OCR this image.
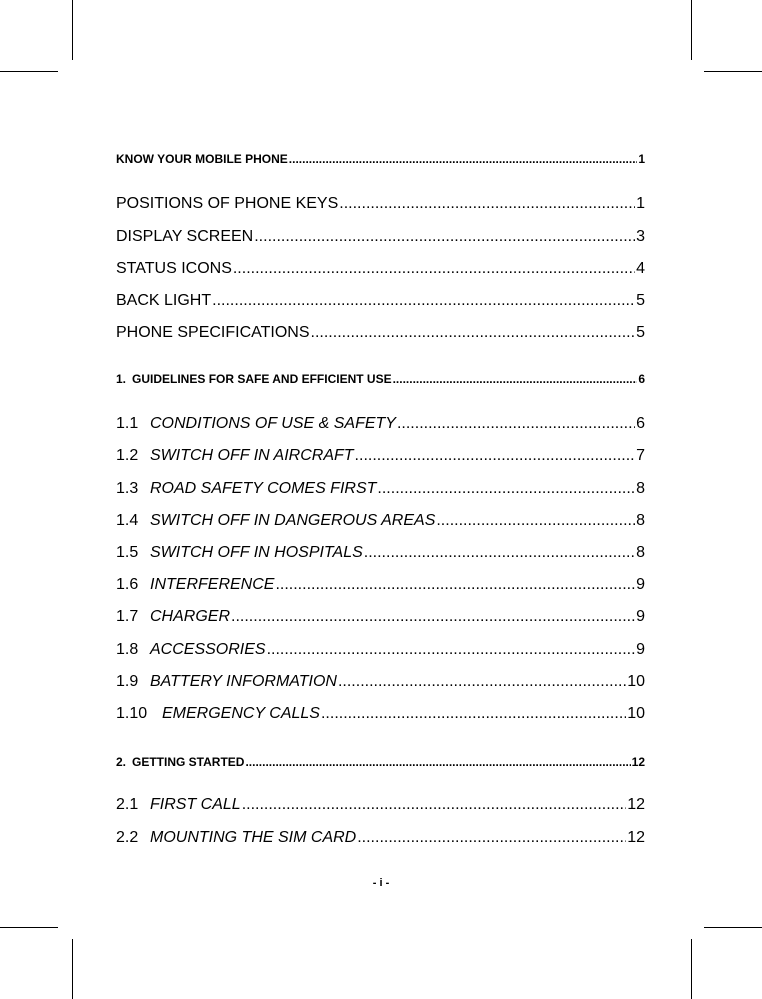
KNOW YOUR MOBILE PHONE .....	1
POSITIONS OF PHONE KEYS .....	1
DISPLAY SCREEN .....	3
STATUS ICONS .....	4
BACK LIGHT .....	5
PHONE SPECIFICATIONS .....	5
1. GUIDELINES FOR SAFE AND EFFICIENT USE .....	6
1.1 CONDITIONS OF USE & SAFETY .....	6
1.2 SWITCH OFF IN AIRCRAFT .....	7
1.3 ROAD SAFETY COMES FIRST .....	8
1.4 SWITCH OFF IN DANGEROUS AREAS .....	8
1.5 SWITCH OFF IN HOSPITALS .....	8
1.6 INTERFERENCE .....	9
1.7 CHARGER .....	9
1.8 ACCESSORIES .....	9
1.9 BATTERY INFORMATION .....	10
1.10 EMERGENCY CALLS .....	10
2. GETTING STARTED .....	12
2.1 FIRST CALL .....	12
2.2 MOUNTING THE SIM CARD .....	12
- i -
